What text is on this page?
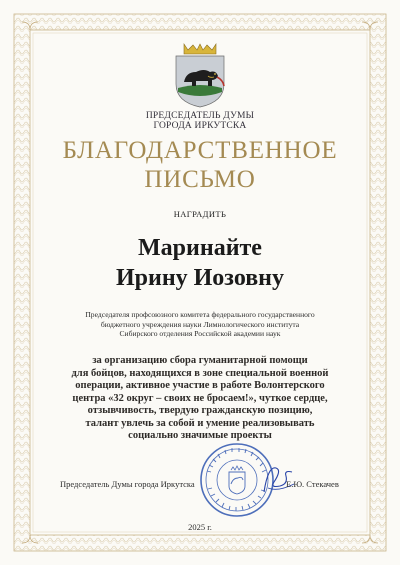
ПРЕДСЕДАТЕЛЬ ДУМЫ
ГОРОДА ИРКУТСКА
БЛАГОДАРСТВЕННОЕ
ПИСЬМО
НАГРАДИТЬ
Маринайте
Ирину Иозовну
Председателя профсоюзного комитета федерального государственного
бюджетного учреждения науки Лимнологического института
Сибирского отделения Российской академии наук
за организацию сбора гуманитарной помощи
для бойцов, находящихся в зоне специальной военной
операции, активное участие в работе Волонтерского
центра «32 округ – своих не бросаем!», чуткое сердце,
отзывчивость, твердую гражданскую позицию,
талант увлечь за собой и умение реализовывать
социально значимые проекты
Председатель Думы города Иркутска	Е.Ю. Стекачев
2025 г.
